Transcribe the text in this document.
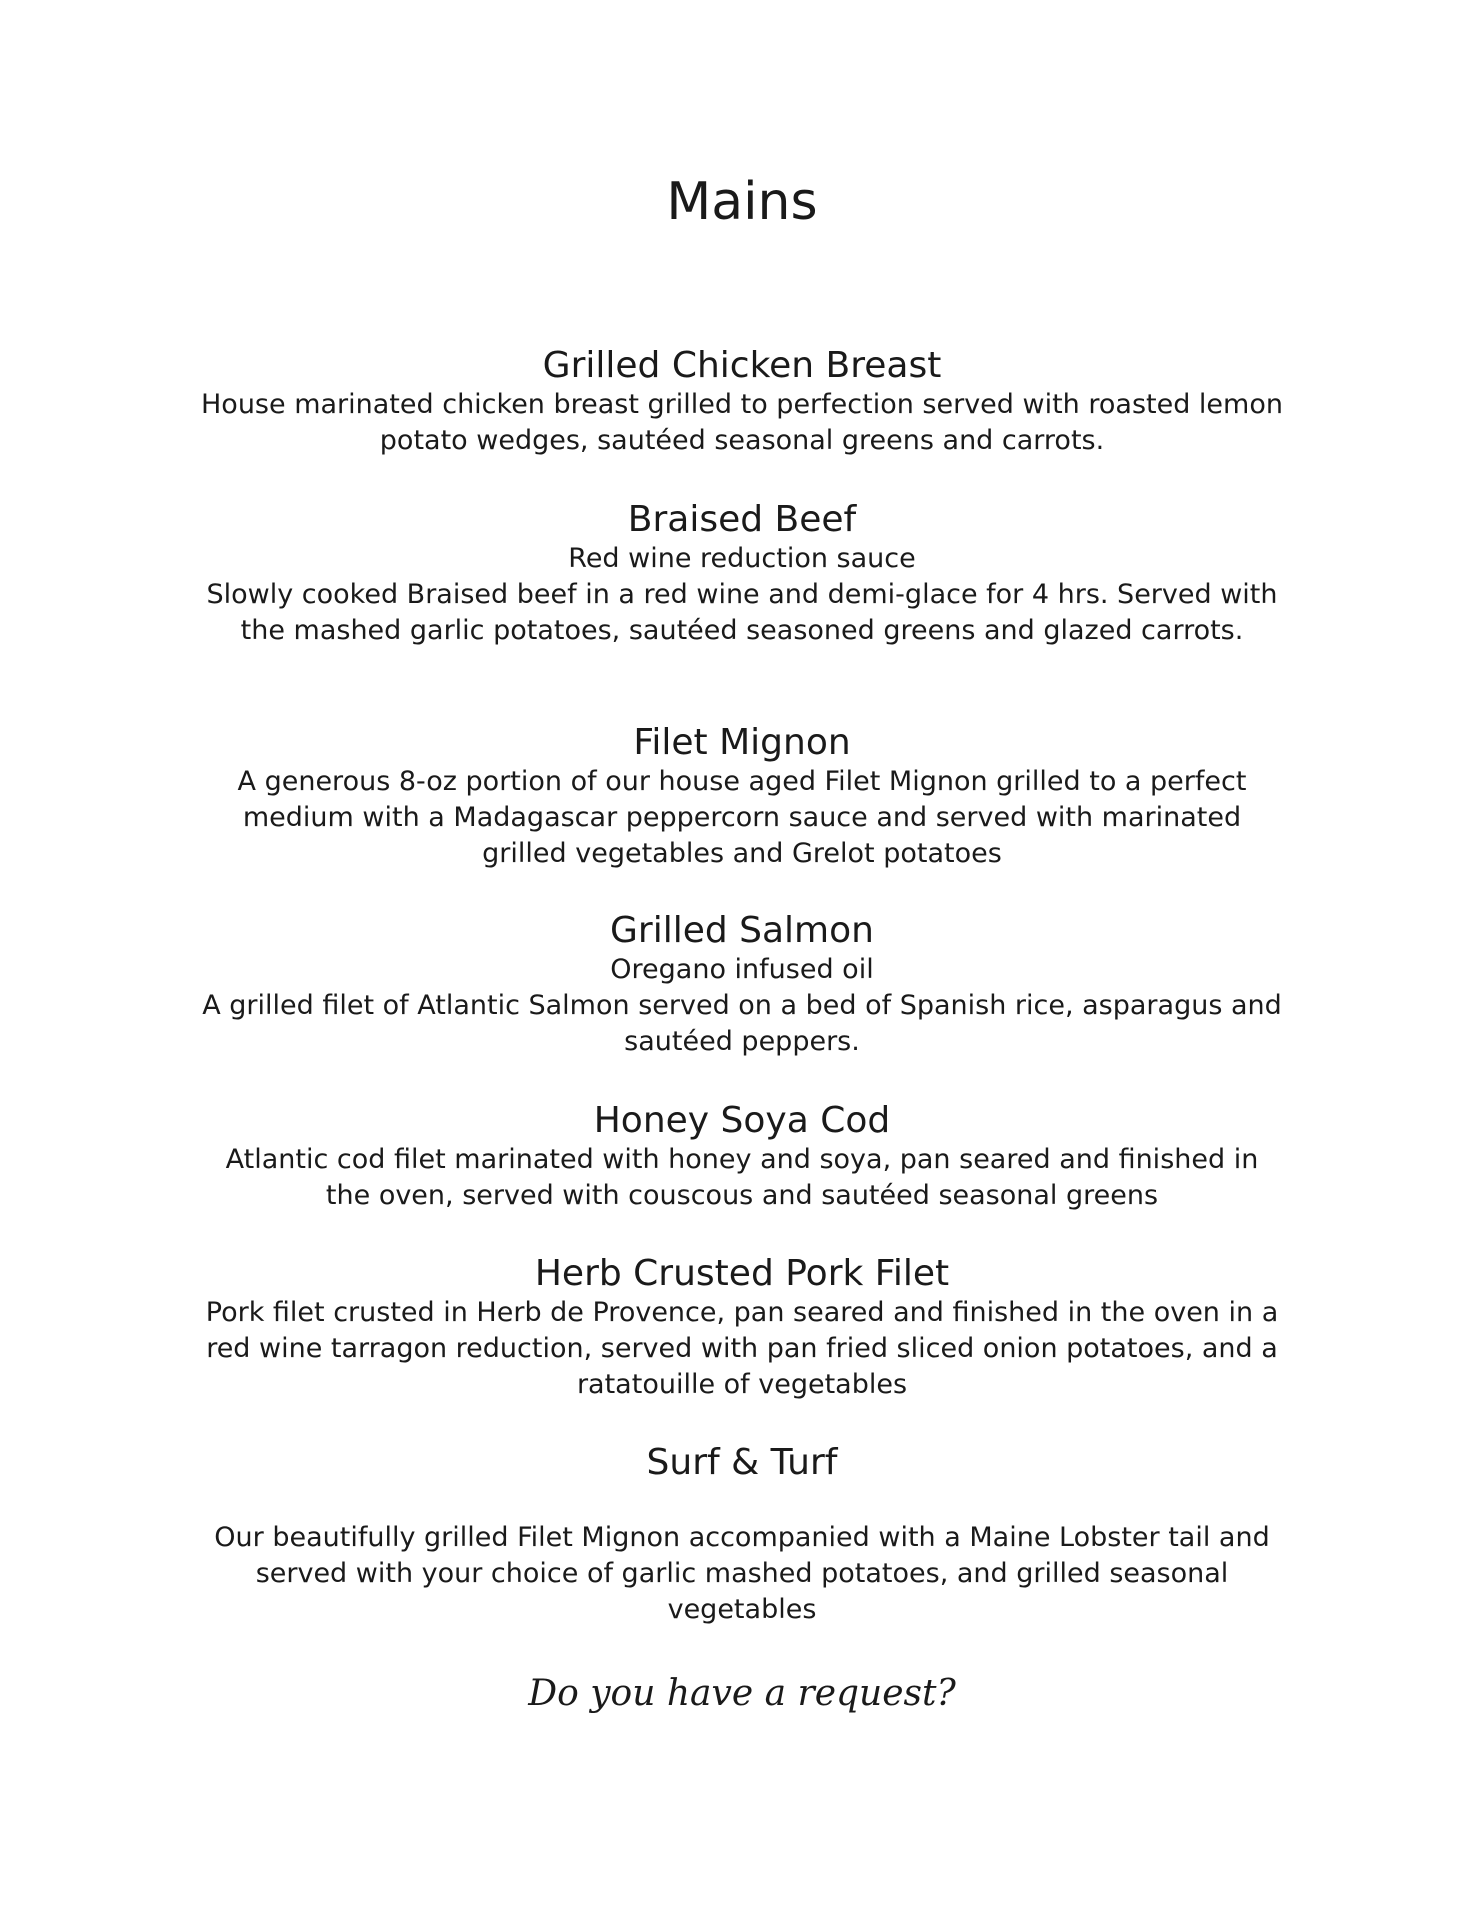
Mains
Grilled Chicken Breast

House marinated chicken breast grilled to perfection served with roasted lemon potato wedges, sautéed seasonal greens and carrots.

Braised Beef

Red wine reduction sauce

Slowly cooked Braised beef in a red wine and demi-glace for 4 hrs. Served with the mashed garlic potatoes, sautéed seasoned greens and glazed carrots.

Filet Mignon

A generous 8-oz portion of our house aged Filet Mignon grilled to a perfect medium with a Madagascar peppercorn sauce and served with marinated grilled vegetables and Grelot potatoes

Grilled Salmon

Oregano infused oil

A grilled filet of Atlantic Salmon served on a bed of Spanish rice, asparagus and sautéed peppers.

Honey Soya Cod

Atlantic cod filet marinated with honey and soya, pan seared and finished in the oven, served with couscous and sautéed seasonal greens

Herb Crusted Pork Filet

Pork filet crusted in Herb de Provence, pan seared and finished in the oven in a red wine tarragon reduction, served with pan fried sliced onion potatoes, and a ratatouille of vegetables

Surf & Turf

Our beautifully grilled Filet Mignon accompanied with a Maine Lobster tail and served with your choice of garlic mashed potatoes, and grilled seasonal vegetables

Do you have a request?
